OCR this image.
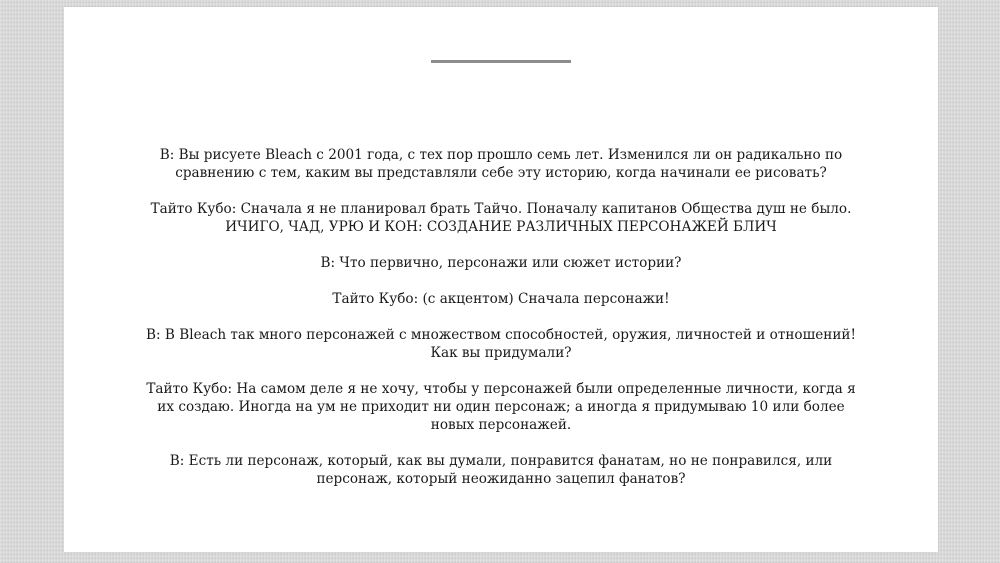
В: Вы рисуете Bleach с 2001 года, с тех пор прошло семь лет. Изменился ли он радикально по сравнению с тем, каким вы представляли себе эту историю, когда начинали ее рисовать?

Тайто Кубо: Сначала я не планировал брать Тайчо. Поначалу капитанов Общества душ не было.

ИЧИГО, ЧАД, УРЮ И КОН: СОЗДАНИЕ РАЗЛИЧНЫХ ПЕРСОНАЖЕЙ БЛИЧ

В: Что первично, персонажи или сюжет истории?

Тайто Кубо: (с акцентом) Сначала персонажи!

В: В Bleach так много персонажей с множеством способностей, оружия, личностей и отношений! Как вы придумали?

Тайто Кубо: На самом деле я не хочу, чтобы у персонажей были определенные личности, когда я их создаю. Иногда на ум не приходит ни один персонаж; а иногда я придумываю 10 или более новых персонажей.

В: Есть ли персонаж, который, как вы думали, понравится фанатам, но не понравился, или персонаж, который неожиданно зацепил фанатов?
